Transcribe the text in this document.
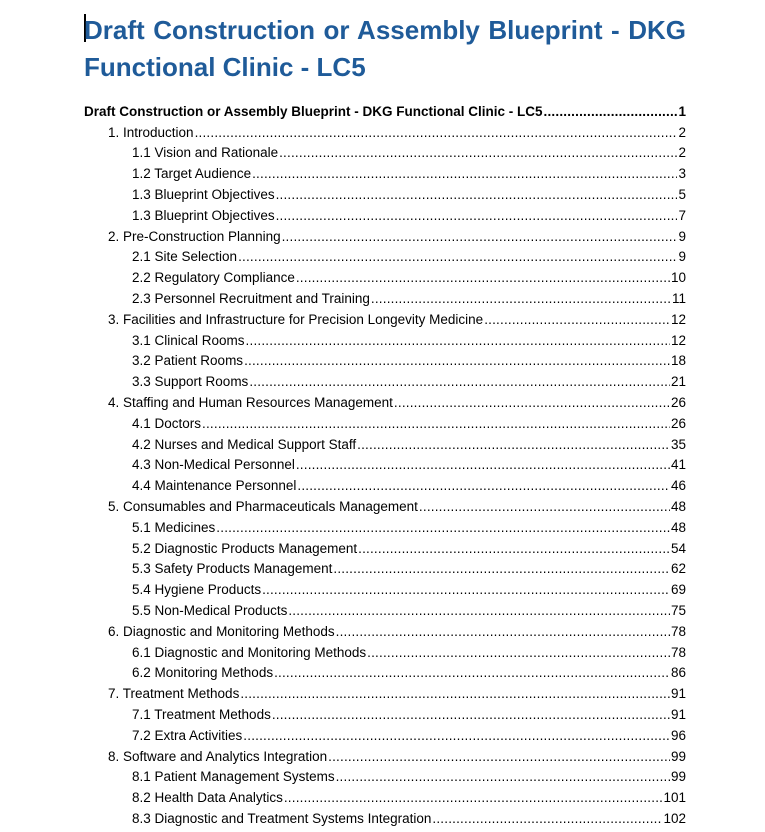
Draft Construction or Assembly Blueprint - DKG Functional Clinic - LC5
Draft Construction or Assembly Blueprint - DKG Functional Clinic - LC5 .....	1
1. Introduction .....	2
1.1 Vision and Rationale .....	2
1.2 Target Audience .....	3
1.3 Blueprint Objectives .....	5
1.3 Blueprint Objectives .....	7
2. Pre-Construction Planning .....	9
2.1 Site Selection .....	9
2.2 Regulatory Compliance .....	10
2.3 Personnel Recruitment and Training .....	11
3. Facilities and Infrastructure for Precision Longevity Medicine .....	12
3.1 Clinical Rooms .....	12
3.2 Patient Rooms .....	18
3.3 Support Rooms .....	21
4. Staffing and Human Resources Management .....	26
4.1 Doctors .....	26
4.2 Nurses and Medical Support Staff .....	35
4.3 Non-Medical Personnel .....	41
4.4 Maintenance Personnel .....	46
5. Consumables and Pharmaceuticals Management .....	48
5.1 Medicines .....	48
5.2 Diagnostic Products Management .....	54
5.3 Safety Products Management .....	62
5.4 Hygiene Products .....	69
5.5 Non-Medical Products .....	75
6. Diagnostic and Monitoring Methods .....	78
6.1 Diagnostic and Monitoring Methods .....	78
6.2 Monitoring Methods .....	86
7. Treatment Methods .....	91
7.1 Treatment Methods .....	91
7.2 Extra Activities .....	96
8. Software and Analytics Integration .....	99
8.1 Patient Management Systems .....	99
8.2 Health Data Analytics .....	101
8.3 Diagnostic and Treatment Systems Integration .....	102
